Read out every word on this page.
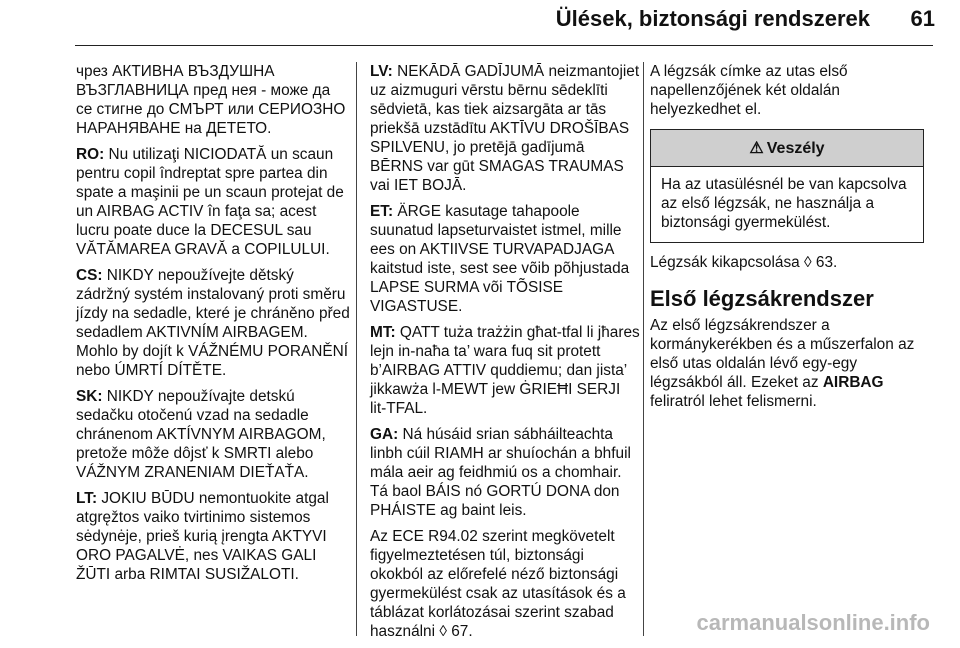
Ülések, biztonsági rendszerek 61

чрез АКТИВНА ВЪЗДУШНА ВЪЗГЛАВНИЦА пред нея - може да се стигне до СМЪРТ или СЕРИОЗНО НАРАНЯВАНЕ на ДЕТЕТО.

RO: Nu utilizaţi NICIODATĂ un scaun pentru copil îndreptat spre partea din spate a maşinii pe un scaun protejat de un AIRBAG ACTIV în faţa sa; acest lucru poate duce la DECESUL sau VĂTĂMAREA GRAVĂ a COPILULUI.

CS: NIKDY nepoužívejte dětský zádržný systém instalovaný proti směru jízdy na sedadle, které je chráněno před sedadlem AKTIVNÍM AIRBAGEM. Mohlo by dojít k VÁŽNÉMU PORANĚNÍ nebo ÚMRTÍ DÍTĚTE.

SK: NIKDY nepoužívajte detskú sedačku otočenú vzad na sedadle chránenom AKTÍVNYM AIRBAGOM, pretože môže dôjsť k SMRTI alebo VÁŽNYM ZRANENIAM DIEŤAŤA.

LT: JOKIU BŪDU nemontuokite atgal atgręžtos vaiko tvirtinimo sistemos sėdynėje, prieš kurią įrengta AKTYVI ORO PAGALVĖ, nes VAIKAS GALI ŽŪTI arba RIMTAI SUSIŽALOTI.

LV: NEKĀDĀ GADĪJUMĀ neizmantojiet uz aizmuguri vērstu bērnu sēdeklīti sēdvietā, kas tiek aizsargāta ar tās priekšā uzstādītu AKTĪVU DROŠĪBAS SPILVENU, jo pretējā gadījumā BĒRNS var gūt SMAGAS TRAUMAS vai IET BOJĀ.

ET: ÄRGE kasutage tahapoole suunatud lapseturvaistet istmel, mille ees on AKTIIVSE TURVAPADJAGA kaitstud iste, sest see võib põhjustada LAPSE SURMA või TÕSISE VIGASTUSE.

MT: QATT tuża trażżin għat-tfal li jħares lejn in-naħa ta’ wara fuq sit protett b’AIRBAG ATTIV quddiemu; dan jista’ jikkawża l-MEWT jew ĠRIEĦI SERJI lit-TFAL.

GA: Ná húsáid srian sábháilteachta linbh cúil RIAMH ar shuíochán a bhfuil mála aeir ag feidhmiú os a chomhair. Tá baol BÁIS nó GORTÚ DONA don PHÁISTE ag baint leis.

Az ECE R94.02 szerint megkövetelt figyelmeztetésen túl, biztonsági okokból az előrefelé néző biztonsági gyermekülést csak az utasítások és a táblázat korlátozásai szerint szabad használni ◊ 67.

A légzsák címke az utas első napellenzőjének két oldalán helyezkedhet el.

⚠ Veszély
Ha az utasülésnél be van kapcsolva az első légzsák, ne használja a biztonsági gyermekülést.

Légzsák kikapcsolása ◊ 63.

Első légzsákrendszer

Az első légzsákrendszer a kormánykerékben és a műszerfalon az első utas oldalán lévő egy-egy légzsákból áll. Ezeket az AIRBAG feliratról lehet felismerni.

carmanualsonline.info
